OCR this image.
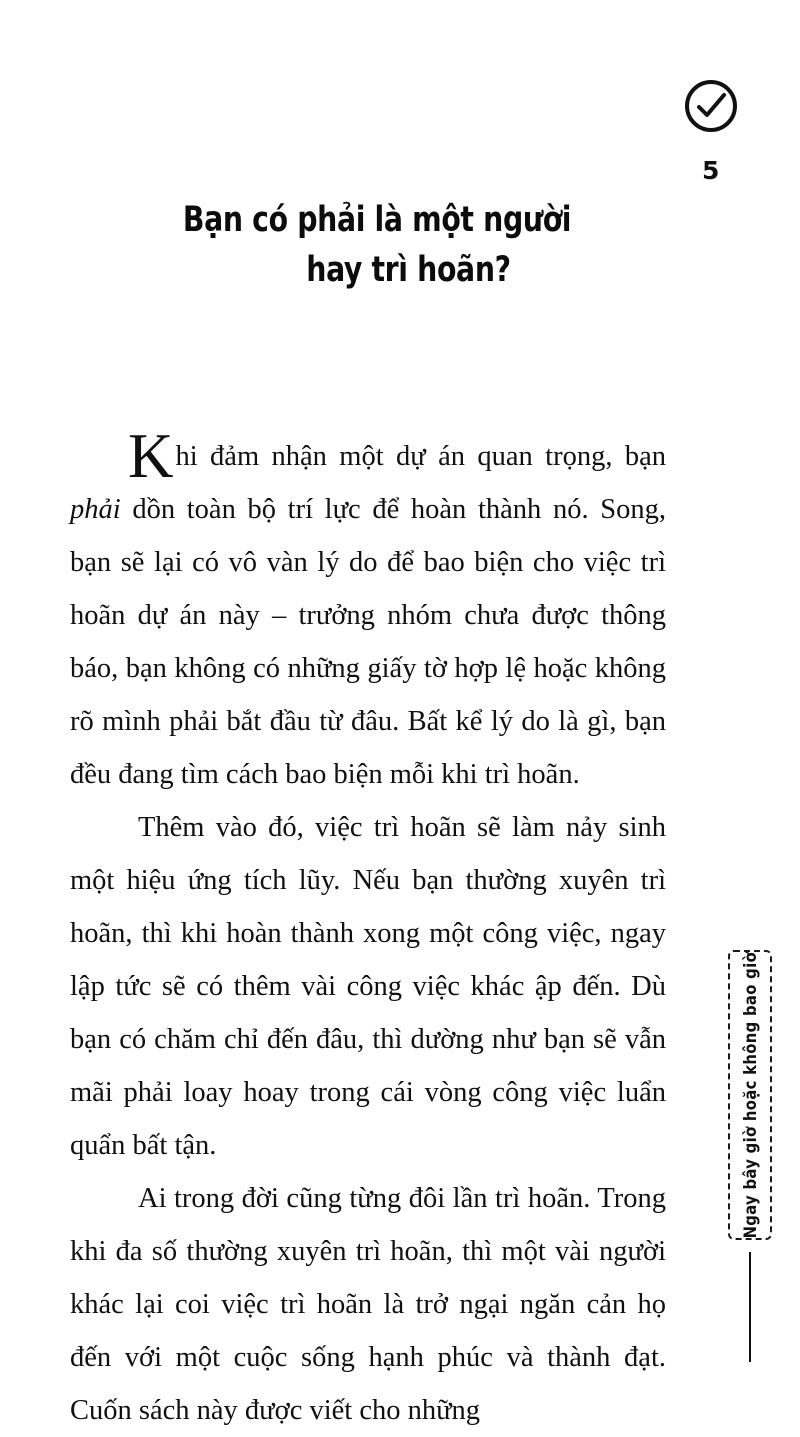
5
Bạn có phải là một người
hay trì hoãn?

Khi đảm nhận một dự án quan trọng, bạn phải dồn toàn bộ trí lực để hoàn thành nó. Song, bạn sẽ lại có vô vàn lý do để bao biện cho việc trì hoãn dự án này – trưởng nhóm chưa được thông báo, bạn không có những giấy tờ hợp lệ hoặc không rõ mình phải bắt đầu từ đâu. Bất kể lý do là gì, bạn đều đang tìm cách bao biện mỗi khi trì hoãn.

Thêm vào đó, việc trì hoãn sẽ làm nảy sinh một hiệu ứng tích lũy. Nếu bạn thường xuyên trì hoãn, thì khi hoàn thành xong một công việc, ngay lập tức sẽ có thêm vài công việc khác ập đến. Dù bạn có chăm chỉ đến đâu, thì dường như bạn sẽ vẫn mãi phải loay hoay trong cái vòng công việc luẩn quẩn bất tận.

Ai trong đời cũng từng đôi lần trì hoãn. Trong khi đa số thường xuyên trì hoãn, thì một vài người khác lại coi việc trì hoãn là trở ngại ngăn cản họ đến với một cuộc sống hạnh phúc và thành đạt. Cuốn sách này được viết cho những

Ngay bây giờ hoặc không bao giờ
